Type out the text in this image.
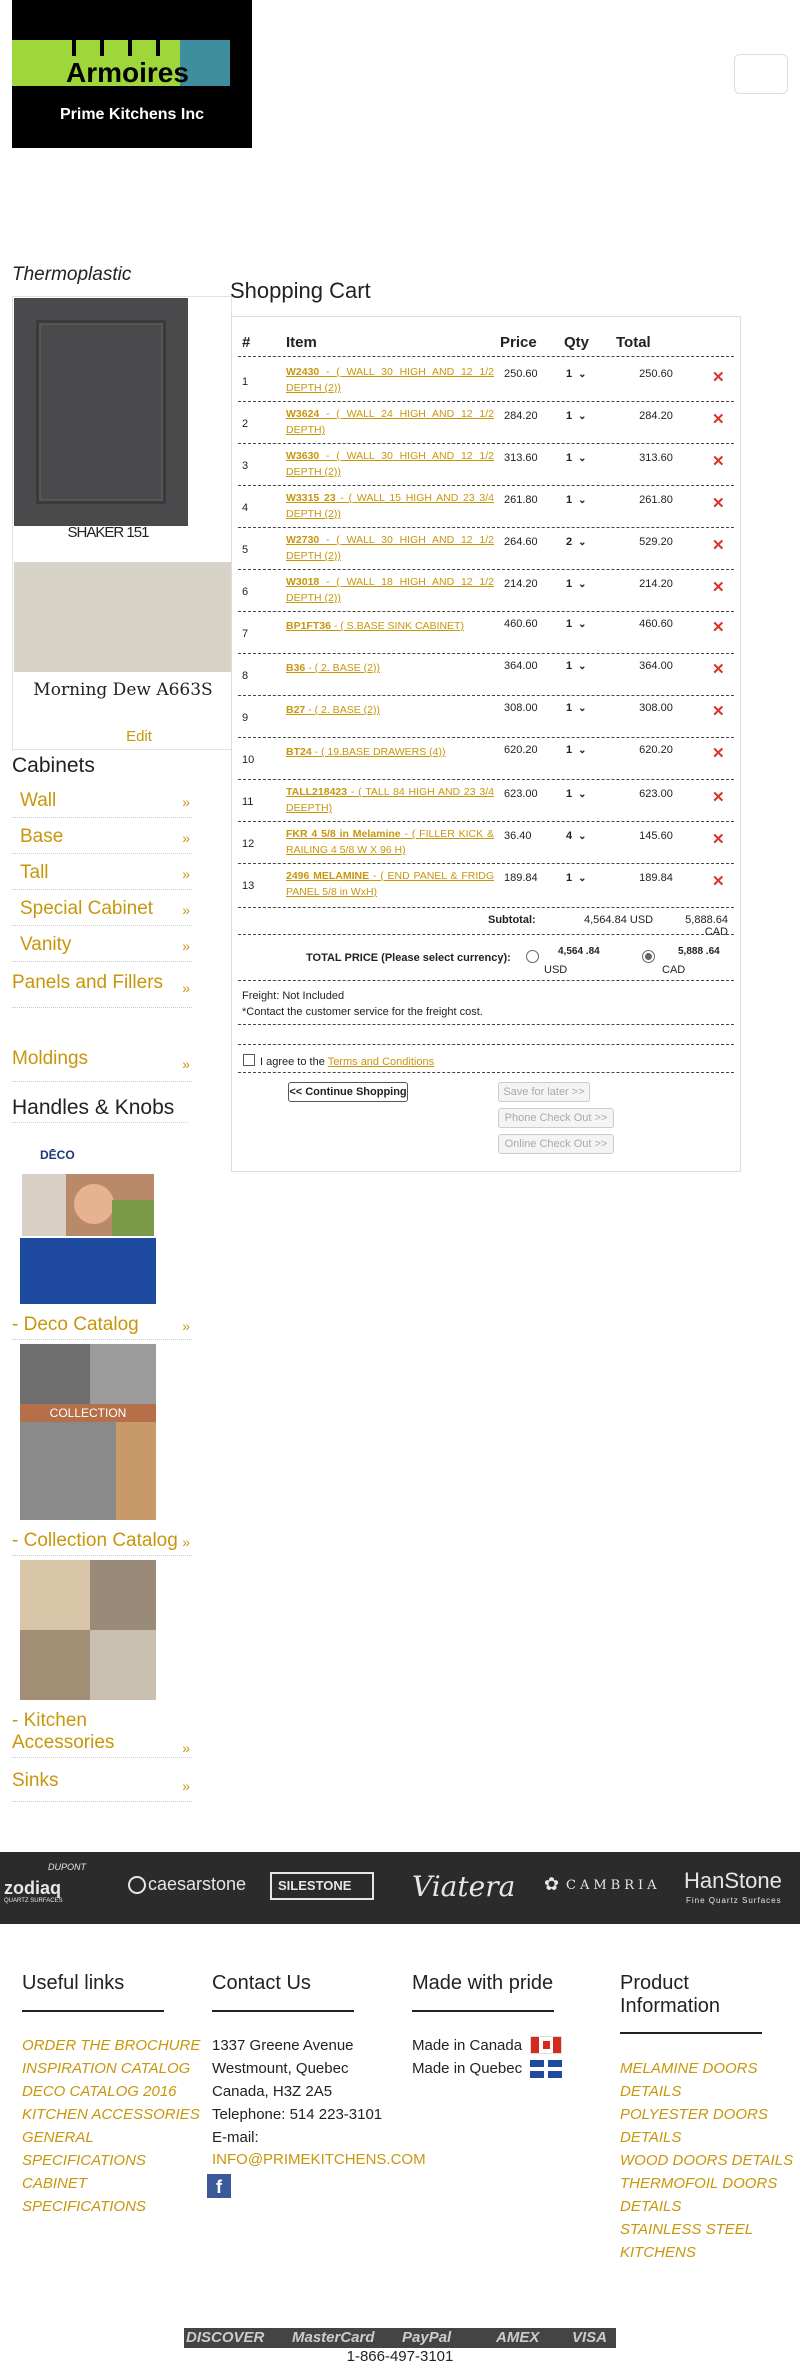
Armoires
Prime Kitchens Inc
Thermoplastic
SHAKER 151
Morning Dew A663S
Edit
Cabinets
Wall	»
Base	»
Tall	»
Special Cabinet »
Vanity	»
Panels and Fillers »
Moldings	»
Handles & Knobs
DĒCO
- Deco Catalog	»
COLLECTION
- Collection Catalog »
- Kitchen Accessories	»
Sinks	»
Shopping Cart
# Item	Price Qty Total
1
W2430 - ( WALL 30 HIGH AND 12 1/2 DEPTH (2))
250.60	1 ⌄	250.60	✕
2
W3624 - ( WALL 24 HIGH AND 12 1/2 DEPTH)
284.20	1 ⌄	284.20	✕
3
W3630 - ( WALL 30 HIGH AND 12 1/2 DEPTH (2))
313.60	1 ⌄	313.60	✕
4
W3315 23 - ( WALL 15 HIGH AND 23 3/4 DEPTH (2))
261.80	1 ⌄	261.80	✕
5
W2730 - ( WALL 30 HIGH AND 12 1/2 DEPTH (2))
264.60	2 ⌄	529.20	✕
6
W3018 - ( WALL 18 HIGH AND 12 1/2 DEPTH (2))
214.20	1 ⌄	214.20	✕
7
BP1FT36 - ( S.BASE SINK CABINET)	460.60	1 ⌄	460.60	✕
8
B36 - ( 2. BASE (2))	364.00	1 ⌄	364.00	✕
9
B27 - ( 2. BASE (2))	308.00	1 ⌄	308.00	✕
10
BT24 - ( 19.BASE DRAWERS (4))	620.20	1 ⌄	620.20	✕
11
TALL218423 - ( TALL 84 HIGH AND 23 3/4 DEEPTH)
623.00	1 ⌄	623.00	✕
12
FKR 4 5/8 in Melamine - ( FILLER KICK & RAILING 4 5/8 W X 96 H)
36.40	4 ⌄	145.60	✕
13
2496 MELAMINE - ( END PANEL & FRIDG PANEL 5/8 in WxH)
189.84	1 ⌄	189.84	✕
Subtotal:	4,564.84 USD	5,888.64 CAD
TOTAL PRICE (Please select currency):
4,564 .84
USD
5,888 .64
CAD
Freight: Not Included
*Contact the customer service for the freight cost.
I agree to the Terms and Conditions
<< Continue Shopping	Save for later >>
Phone Check Out >>
Online Check Out >>
DUPONT
zodiaq
QUARTZ SURFACES
caesarstone SILESTONE Viatera ✿ CAMBRIA HanStone
Fine Quartz Surfaces
Useful links
ORDER THE BROCHURE
INSPIRATION CATALOG
DECO CATALOG 2016
KITCHEN ACCESSORIES
GENERAL
SPECIFICATIONS
CABINET
SPECIFICATIONS
Contact Us
1337 Greene Avenue
Westmount, Quebec
Canada, H3Z 2A5
Telephone: 514 223-3101
E-mail:
INFO@PRIMEKITCHENS.COM
f
Made with pride
Made in Canada
Made in Quebec
Product Information
MELAMINE DOORS
DETAILS
POLYESTER DOORS
DETAILS
WOOD DOORS DETAILS
THERMOFOIL DOORS
DETAILS
STAINLESS STEEL
KITCHENS
DISCOVER MasterCard PayPal	AMEX VISA
1-866-497-3101
